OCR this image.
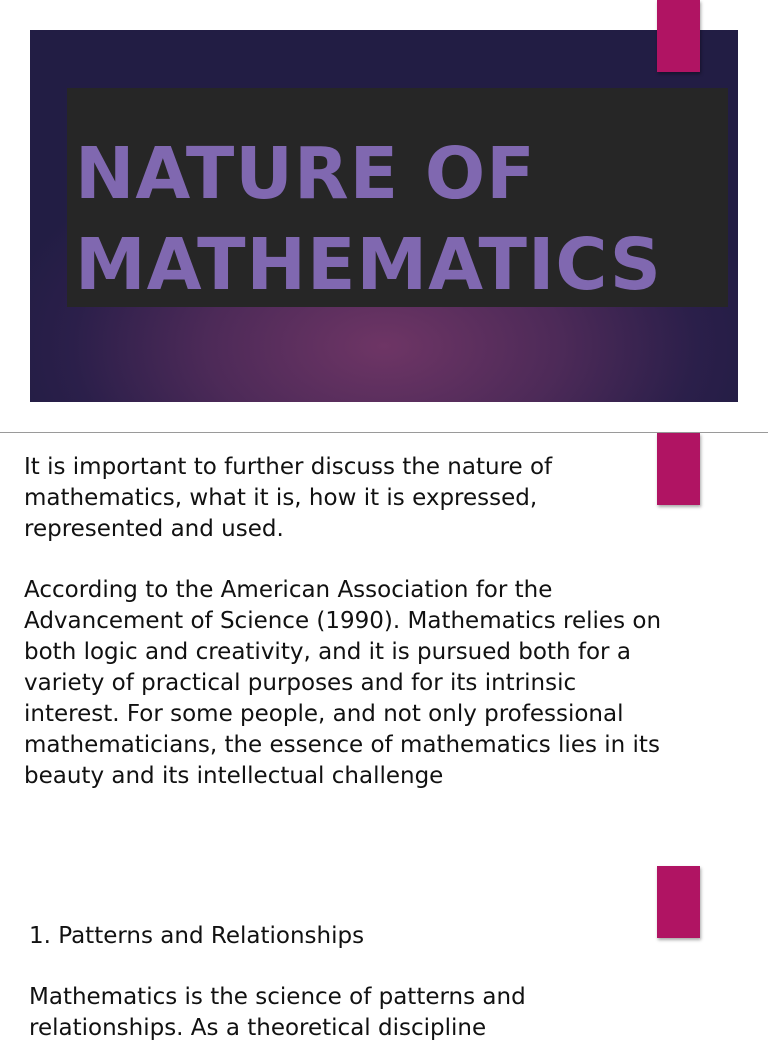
NATURE OF
MATHEMATICS

It is important to further discuss the nature of mathematics, what it is, how it is expressed, represented and used.

According to the American Association for the Advancement of Science (1990). Mathematics relies on both logic and creativity, and it is pursued both for a variety of practical purposes and for its intrinsic interest. For some people, and not only professional mathematicians, the essence of mathematics lies in its beauty and its intellectual challenge

1. Patterns and Relationships

Mathematics is the science of patterns and relationships. As a theoretical discipline
